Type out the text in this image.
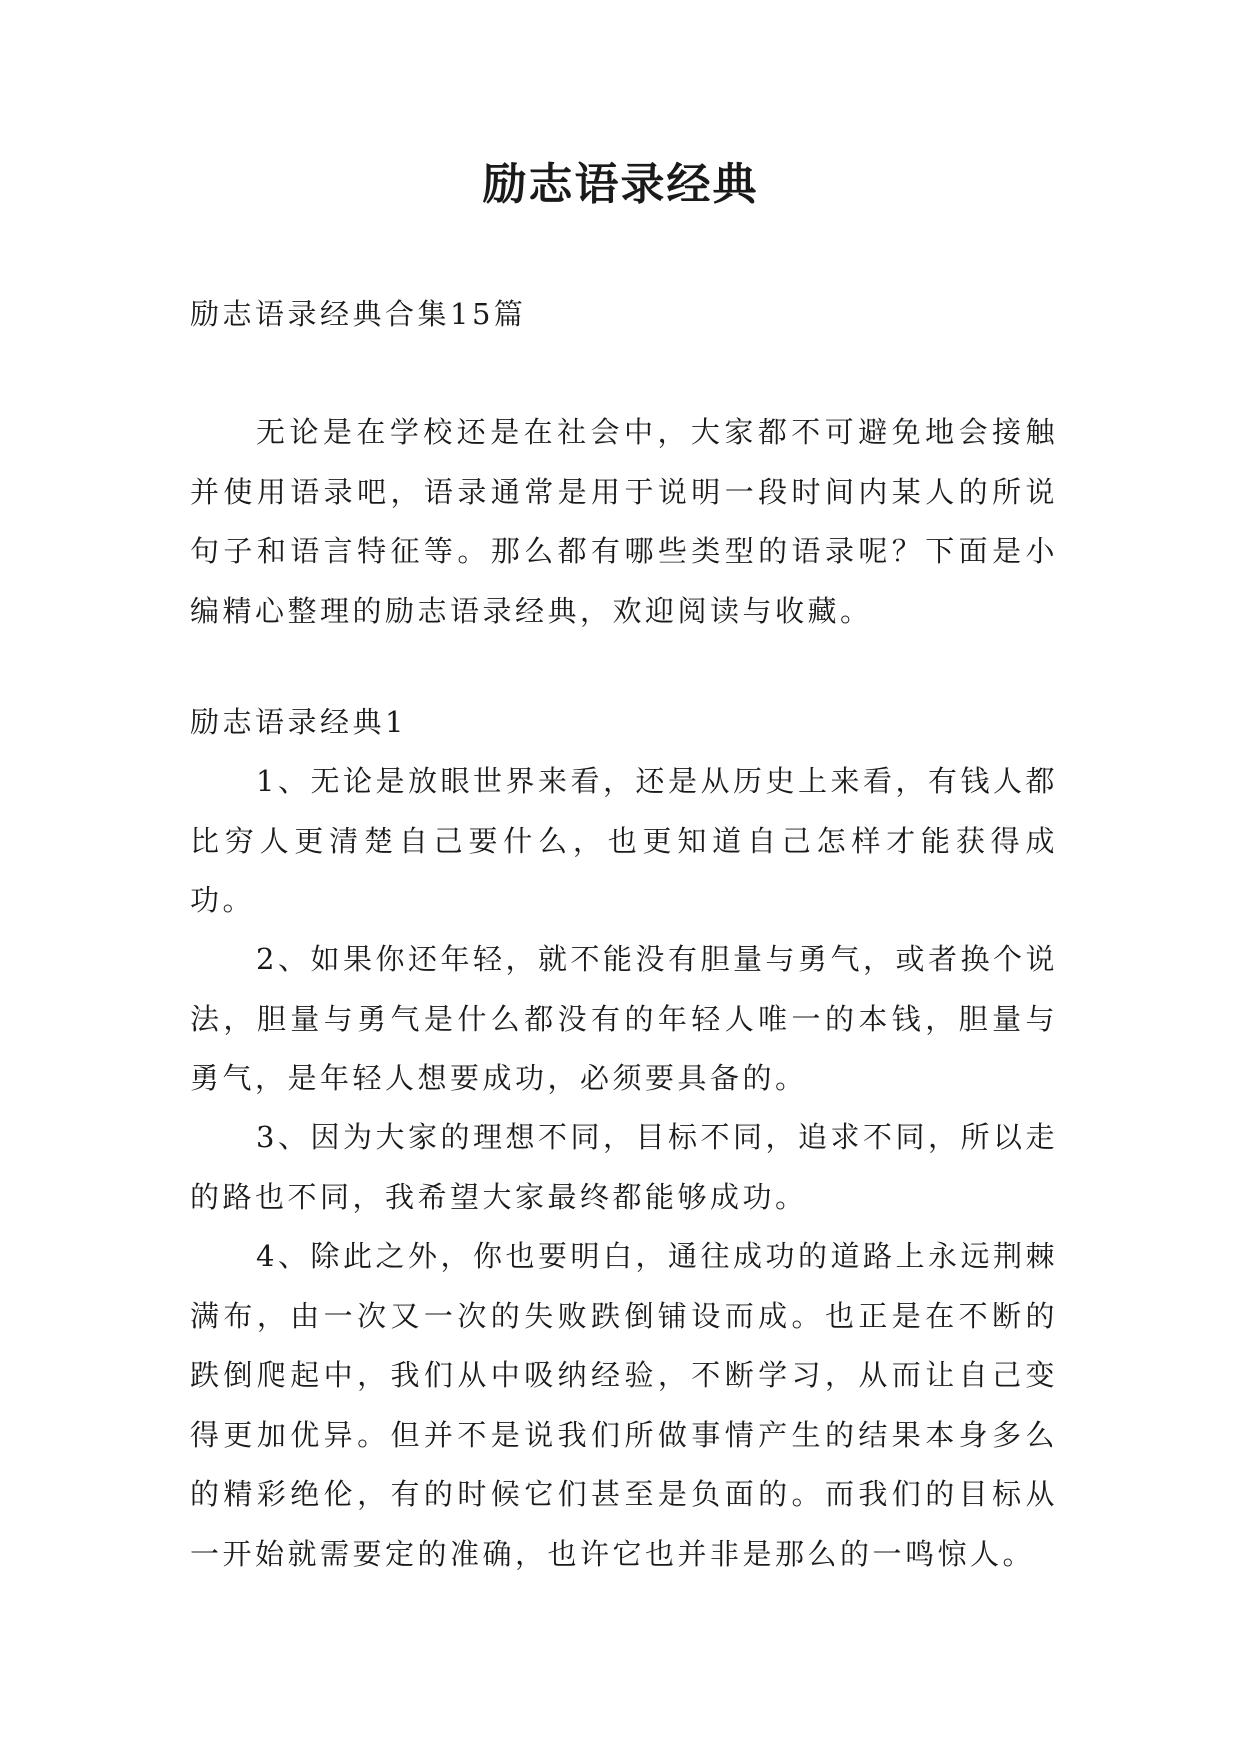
励志语录经典

励志语录经典合集15篇

无论是在学校还是在社会中，大家都不可避免地会接触并使用语录吧，语录通常是用于说明一段时间内某人的所说句子和语言特征等。那么都有哪些类型的语录呢？下面是小编精心整理的励志语录经典，欢迎阅读与收藏。

励志语录经典1

1、无论是放眼世界来看，还是从历史上来看，有钱人都比穷人更清楚自己要什么，也更知道自己怎样才能获得成功。

2、如果你还年轻，就不能没有胆量与勇气，或者换个说法，胆量与勇气是什么都没有的年轻人唯一的本钱，胆量与勇气，是年轻人想要成功，必须要具备的。

3、因为大家的理想不同，目标不同，追求不同，所以走的路也不同，我希望大家最终都能够成功。

4、除此之外，你也要明白，通往成功的道路上永远荆棘满布，由一次又一次的失败跌倒铺设而成。也正是在不断的跌倒爬起中，我们从中吸纳经验，不断学习，从而让自己变得更加优异。但并不是说我们所做事情产生的结果本身多么的精彩绝伦，有的时候它们甚至是负面的。而我们的目标从一开始就需要定的准确，也许它也并非是那么的一鸣惊人。
